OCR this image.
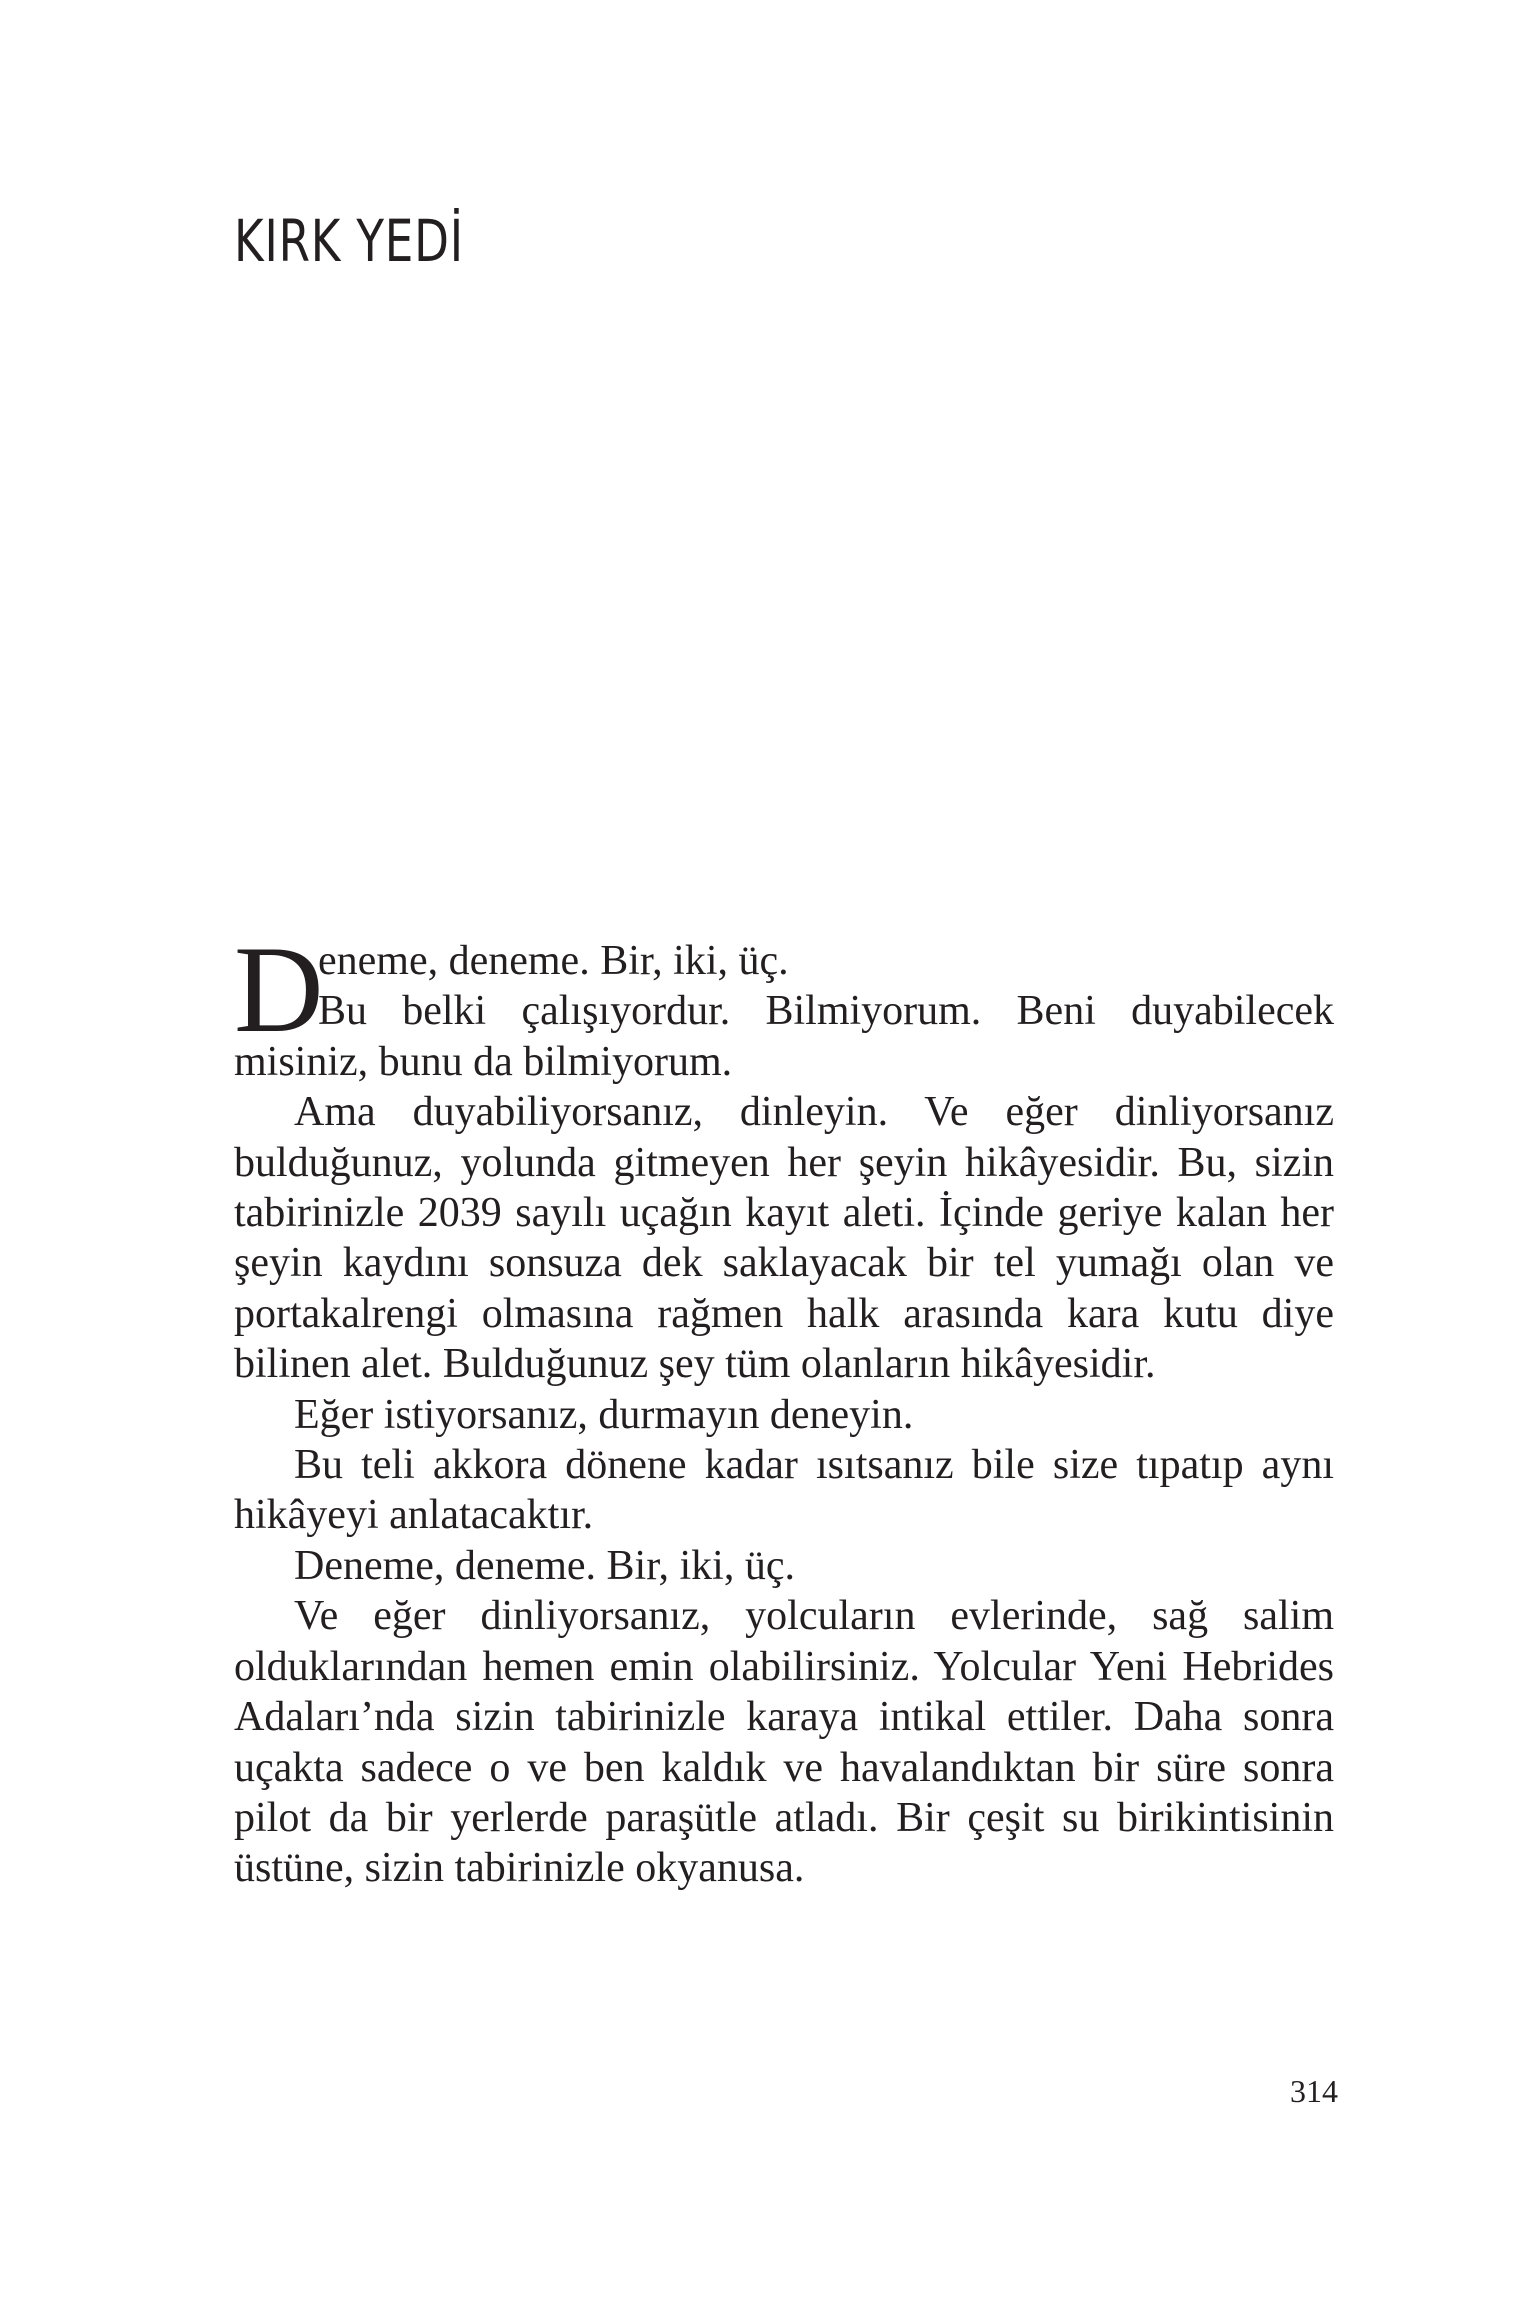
KIRK YEDİ
D
eneme, deneme. Bir, iki, üç.
Bu belki çalışıyordur. Bilmiyorum. Beni duyabilecek
misiniz, bunu da bilmiyorum.

Ama duyabiliyorsanız, dinleyin. Ve eğer dinliyorsanız bulduğunuz, yolunda gitmeyen her şeyin hikâyesidir. Bu, sizin tabirinizle 2039 sayılı uçağın kayıt aleti. İçinde geriye kalan her şeyin kaydını sonsuza dek saklayacak bir tel yumağı olan ve portakalrengi olmasına rağmen halk arasında kara kutu diye bilinen alet. Bulduğunuz şey tüm olanların hikâyesidir.

Eğer istiyorsanız, durmayın deneyin.

Bu teli akkora dönene kadar ısıtsanız bile size tıpatıp aynı hikâyeyi anlatacaktır.

Deneme, deneme. Bir, iki, üç.

Ve eğer dinliyorsanız, yolcuların evlerinde, sağ salim olduklarından hemen emin olabilirsiniz. Yolcular Yeni Hebrides Adaları’nda sizin tabirinizle karaya intikal ettiler. Daha sonra uçakta sadece o ve ben kaldık ve havalandıktan bir süre sonra pilot da bir yerlerde paraşütle atladı. Bir çeşit su birikintisinin üstüne, sizin tabirinizle okyanusa.

314
